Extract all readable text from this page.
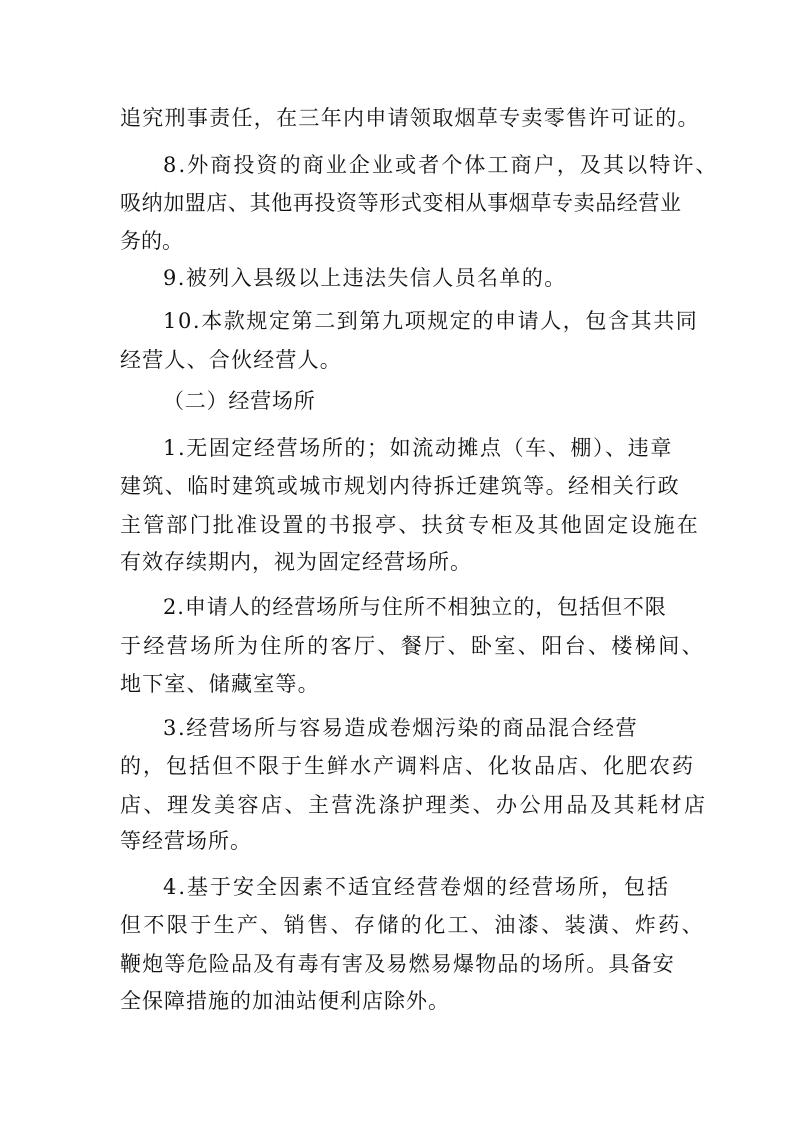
追究刑事责任，在三年内申请领取烟草专卖零售许可证的。
8.外商投资的商业企业或者个体工商户，及其以特许、
吸纳加盟店、其他再投资等形式变相从事烟草专卖品经营业
务的。
9.被列入县级以上违法失信人员名单的。
10.本款规定第二到第九项规定的申请人，包含其共同
经营人、合伙经营人。
（二）经营场所
1.无固定经营场所的；如流动摊点（车、棚）、违章
建筑、临时建筑或城市规划内待拆迁建筑等。经相关行政
主管部门批准设置的书报亭、扶贫专柜及其他固定设施在
有效存续期内，视为固定经营场所。
2.申请人的经营场所与住所不相独立的，包括但不限
于经营场所为住所的客厅、餐厅、卧室、阳台、楼梯间、
地下室、储藏室等。
3.经营场所与容易造成卷烟污染的商品混合经营
的，包括但不限于生鲜水产调料店、化妆品店、化肥农药
店、理发美容店、主营洗涤护理类、办公用品及其耗材店
等经营场所。
4.基于安全因素不适宜经营卷烟的经营场所，包括
但不限于生产、销售、存储的化工、油漆、装潢、炸药、
鞭炮等危险品及有毒有害及易燃易爆物品的场所。具备安
全保障措施的加油站便利店除外。
